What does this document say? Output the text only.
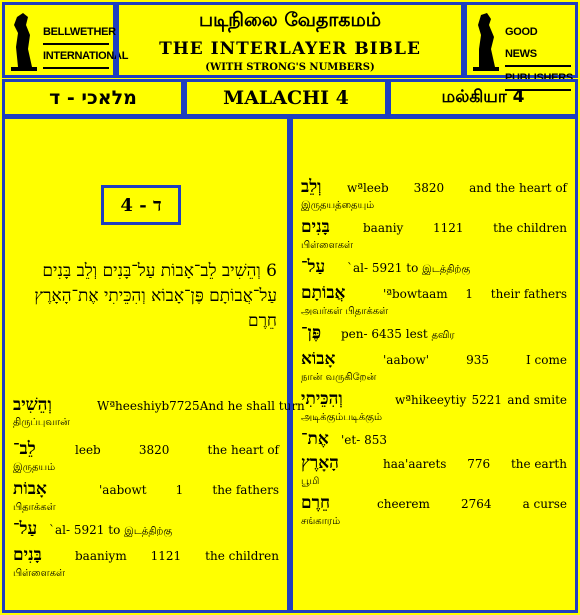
BELLWETHER
INTERNATIONAL
படிநிலை வேதாகமம்
THE INTERLAYER BIBLE
(WITH STRONG'S NUMBERS)
GOOD NEWS
PUBLISHERS
מלאכי - ד	MALACHI 4	மல்கியா 4
ד - 4
6 וְהֵשִׁיב לֵב־אָבוֹת עַל־בָּנִים וְלֵב בָּנִים עַל־אֲבוֹתָם פֶּן־אָבוֹא וְהִכֵּיתִי אֶת־הָאָרֶץ חֵרֶם
וְהֵשִׁיב	Wªheeshiyb 7725 And he shall turn
திருப்புவான்
לֵב־	leeb	3820	the heart of
இருதயம்
אָבוֹת	'aabowt 1 the fathers
பிதாக்கள்
עַל־ `al- 5921 to இடத்திற்கு
בָּנִים	baaniym 1121 the children
பிள்ளைகள்
וְלֵב wªleeb 3820 and the heart of
இருதயத்தையும்
בָּנִים	baaniy 1121 the children
பிள்ளைகள்
עַל־ `al- 5921 to இடத்திற்கு
אֲבוֹתָם	'ªbowtaam 1 their fathers
அவர்கள் பிதாக்கள்
פֶּן־ pen- 6435 lest தவிர
אָבוֹא	'aabow'	935	I come
நான் வருகிறேன்
וְהִכֵּיתִי	wªhikeeytiy 5221 and smite
அடிக்கும்படிக்கும்
אֶת־ 'et- 853
הָאָרֶץ	haa'aarets 776 the earth
பூமி
חֵרֶם	cheerem	2764	a curse
சங்காரம்
